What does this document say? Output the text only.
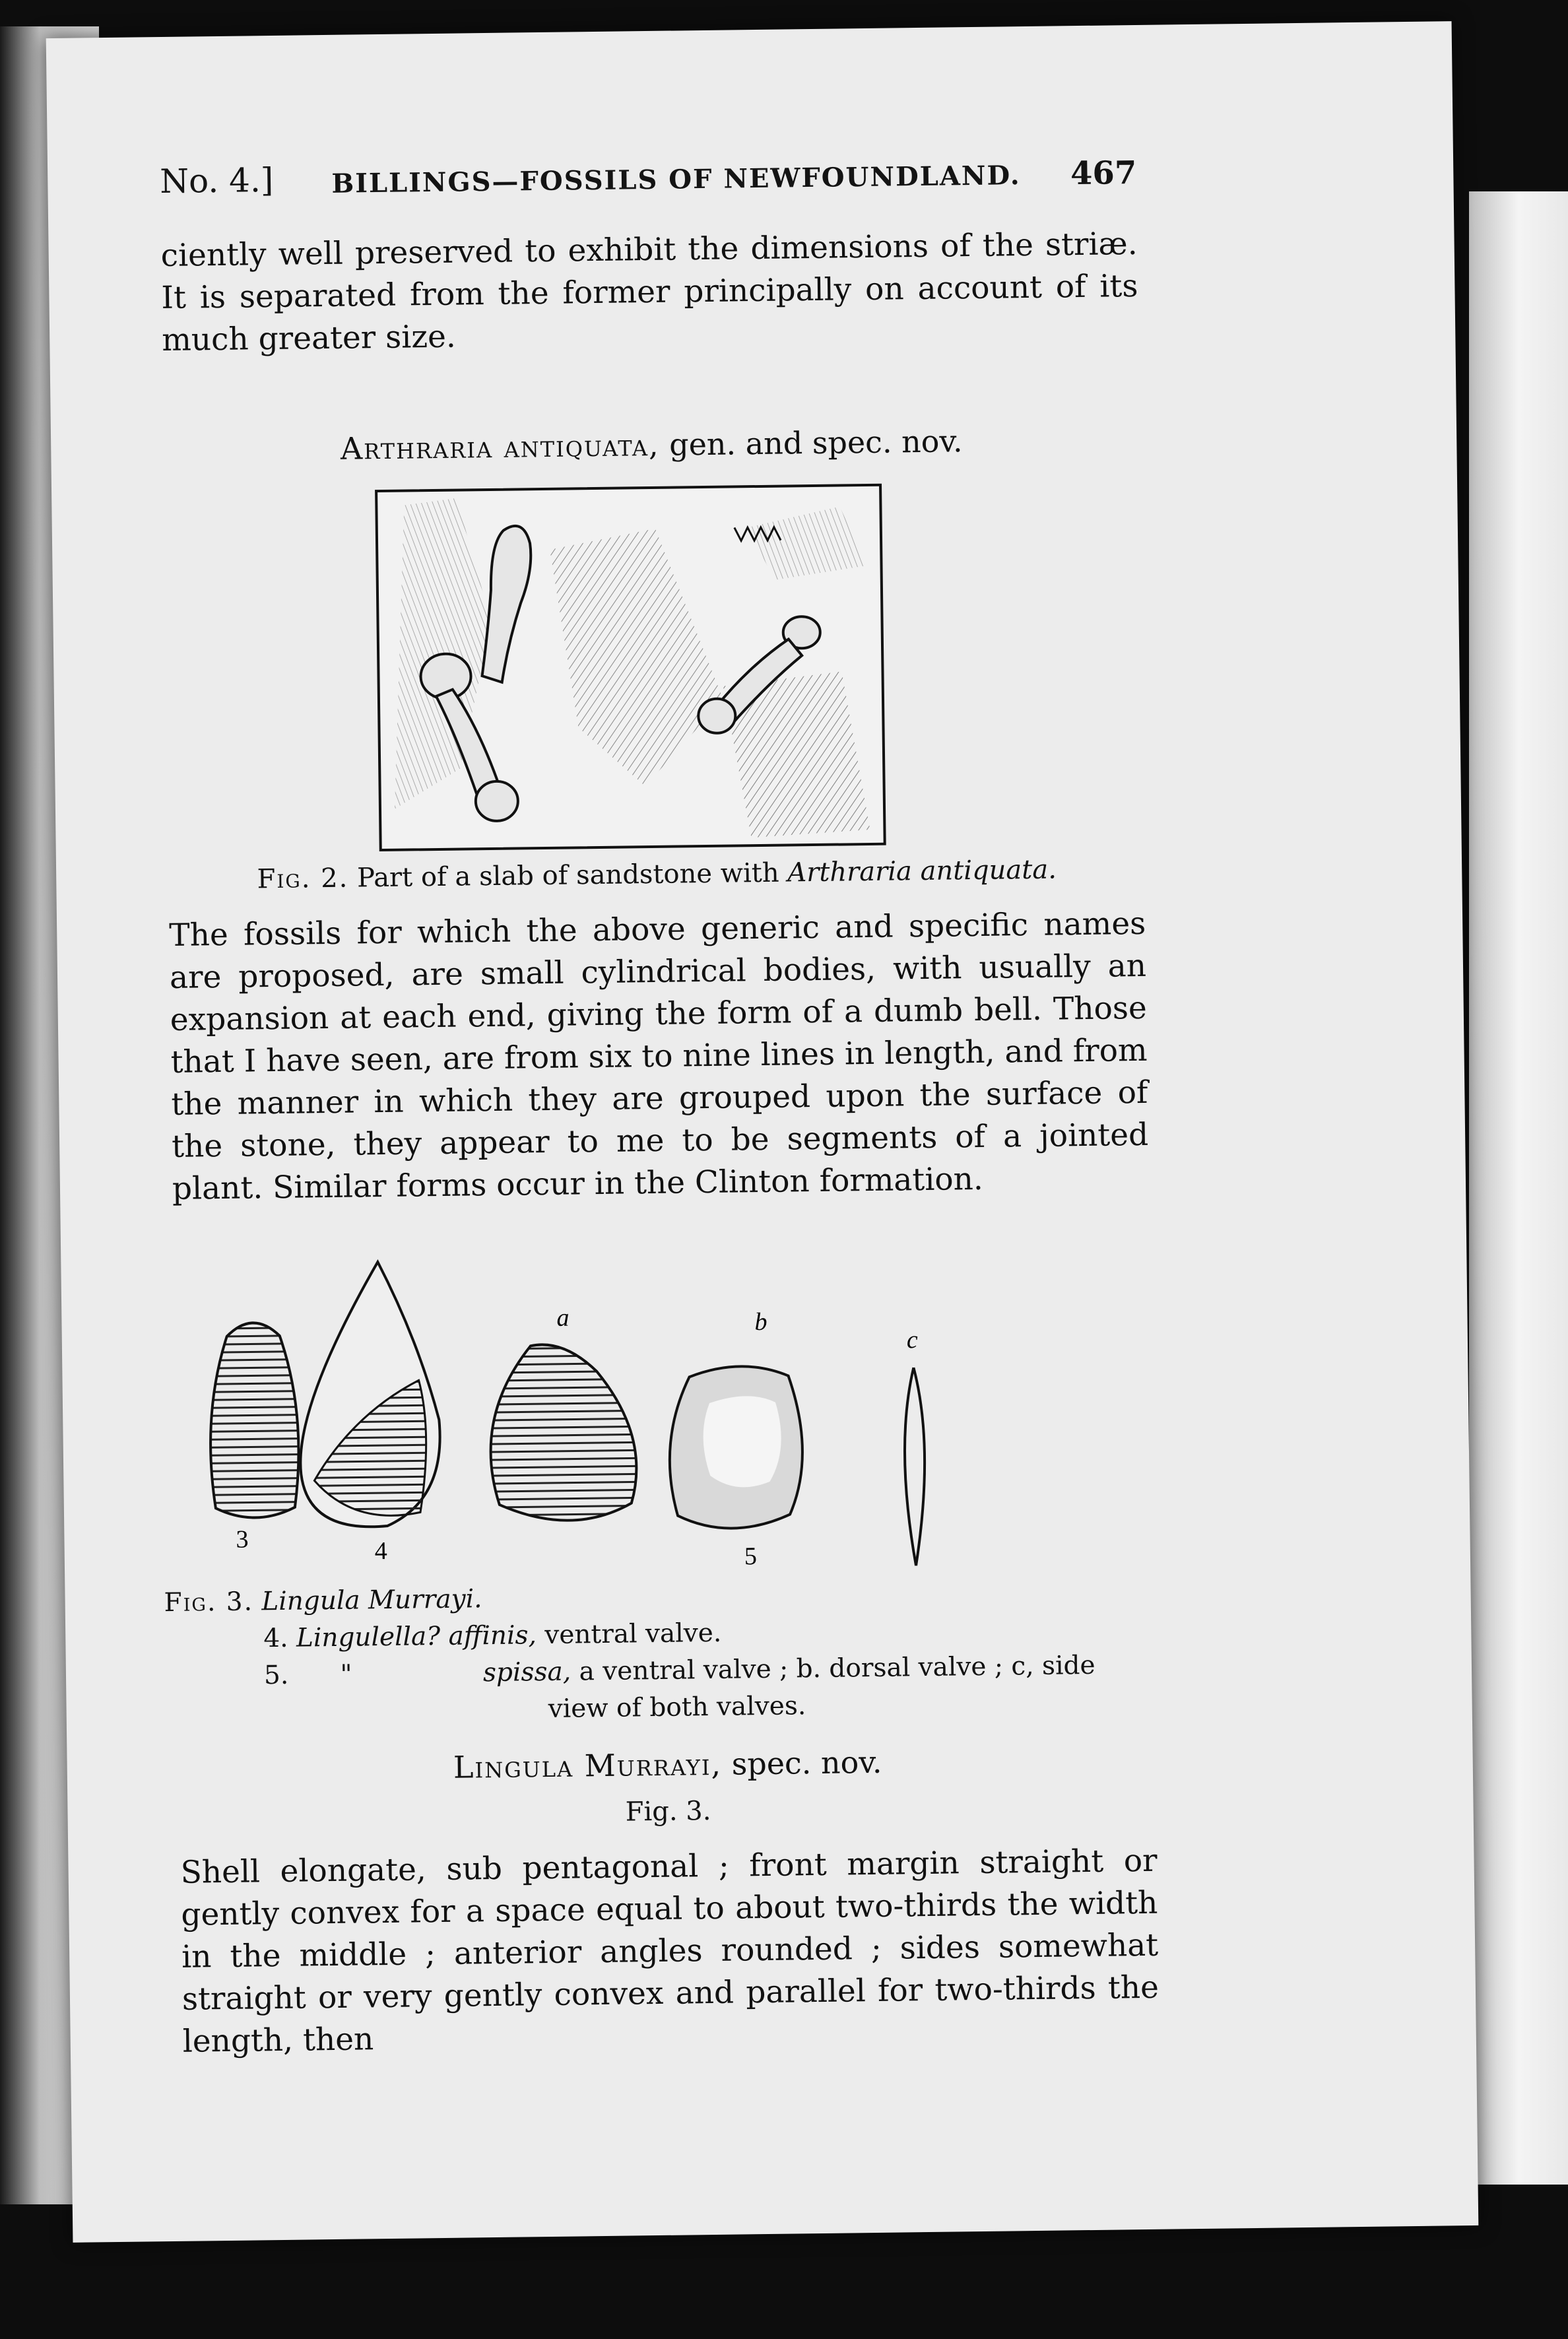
No. 4.] BILLINGS—FOSSILS OF NEWFOUNDLAND. 467
ciently well preserved to exhibit the dimensions of the striæ. It is separated from the former principally on account of its much greater size.
Arthraria antiquata, gen. and spec. nov.
Fig. 2. Part of a slab of sandstone with Arthraria antiquata.
The fossils for which the above generic and specific names are proposed, are small cylindrical bodies, with usually an expansion at each end, giving the form of a dumb bell. Those that I have seen, are from six to nine lines in length, and from the manner in which they are grouped upon the surface of the stone, they appear to me to be segments of a jointed plant. Similar forms occur in the Clinton formation.
3	4	5
a	b
c
Fig. 3. Lingula Murrayi.
4. Lingulella? affinis, ventral valve.
5. "	spissa, a ventral valve ; b. dorsal valve ; c, side
view of both valves.
Lingula Murrayi, spec. nov.
Fig. 3.
Shell elongate, sub pentagonal ; front margin straight or gently convex for a space equal to about two-thirds the width in the middle ; anterior angles rounded ; sides somewhat straight or very gently convex and parallel for two-thirds the length, then
